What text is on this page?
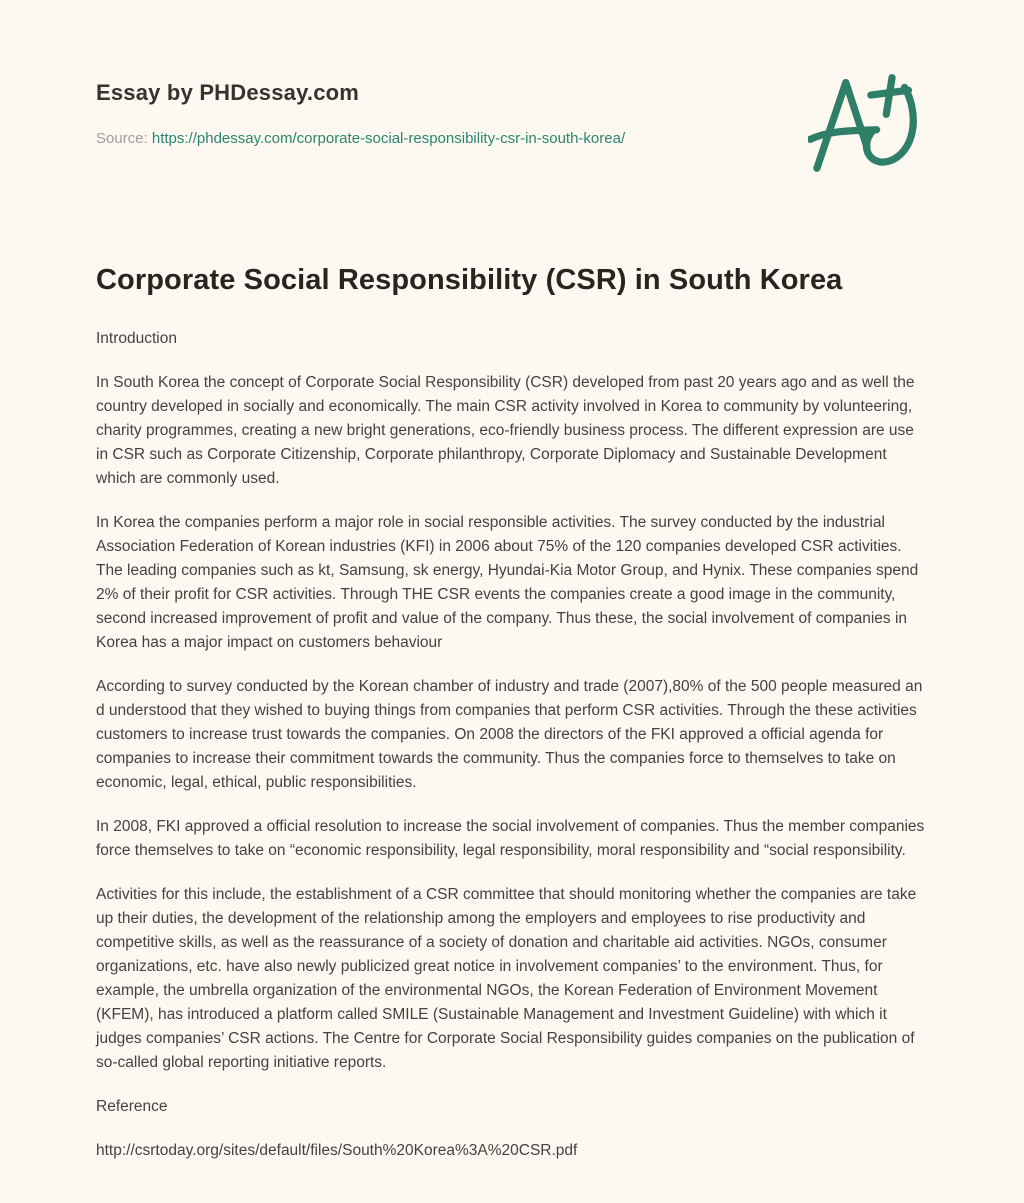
Essay by PHDessay.com
Source: https://phdessay.com/corporate-social-responsibility-csr-in-south-korea/
Corporate Social Responsibility (CSR) in South Korea

Introduction

In South Korea the concept of Corporate Social Responsibility (CSR) developed from past 20 years ago and as well the country developed in socially and economically. The main CSR activity involved in Korea to community by volunteering, charity programmes, creating a new bright generations, eco-friendly business process. The different expression are use in CSR such as Corporate Citizenship, Corporate philanthropy, Corporate Diplomacy and Sustainable Development which are commonly used.

In Korea the companies perform a major role in social responsible activities. The survey conducted by the industrial Association Federation of Korean industries (KFI) in 2006 about 75% of the 120 companies developed CSR activities. The leading companies such as kt, Samsung, sk energy, Hyundai-Kia Motor Group, and Hynix. These companies spend 2% of their profit for CSR activities. Through THE CSR events the companies create a good image in the community, second increased improvement of profit and value of the company. Thus these, the social involvement of companies in Korea has a major impact on customers behaviour

According to survey conducted by the Korean chamber of industry and trade (2007),80% of the 500 people measured an d understood that they wished to buying things from companies that perform CSR activities. Through the these activities customers to increase trust towards the companies. On 2008 the directors of the FKI approved a official agenda for companies to increase their commitment towards the community. Thus the companies force to themselves to take on economic, legal, ethical, public responsibilities.

In 2008, FKI approved a official resolution to increase the social involvement of companies. Thus the member companies force themselves to take on “economic responsibility, legal responsibility, moral responsibility and “social responsibility.

Activities for this include, the establishment of a CSR committee that should monitoring whether the companies are take up their duties, the development of the relationship among the employers and employees to rise productivity and competitive skills, as well as the reassurance of a society of donation and charitable aid activities. NGOs, consumer organizations, etc. have also newly publicized great notice in involvement companies’ to the environment. Thus, for example, the umbrella organization of the environmental NGOs, the Korean Federation of Environment Movement (KFEM), has introduced a platform called SMILE (Sustainable Management and Investment Guideline) with which it judges companies’ CSR actions. The Centre for Corporate Social Responsibility guides companies on the publication of so-called global reporting initiative reports.

Reference
http://csrtoday.org/sites/default/files/South%20Korea%3A%20CSR.pdf
